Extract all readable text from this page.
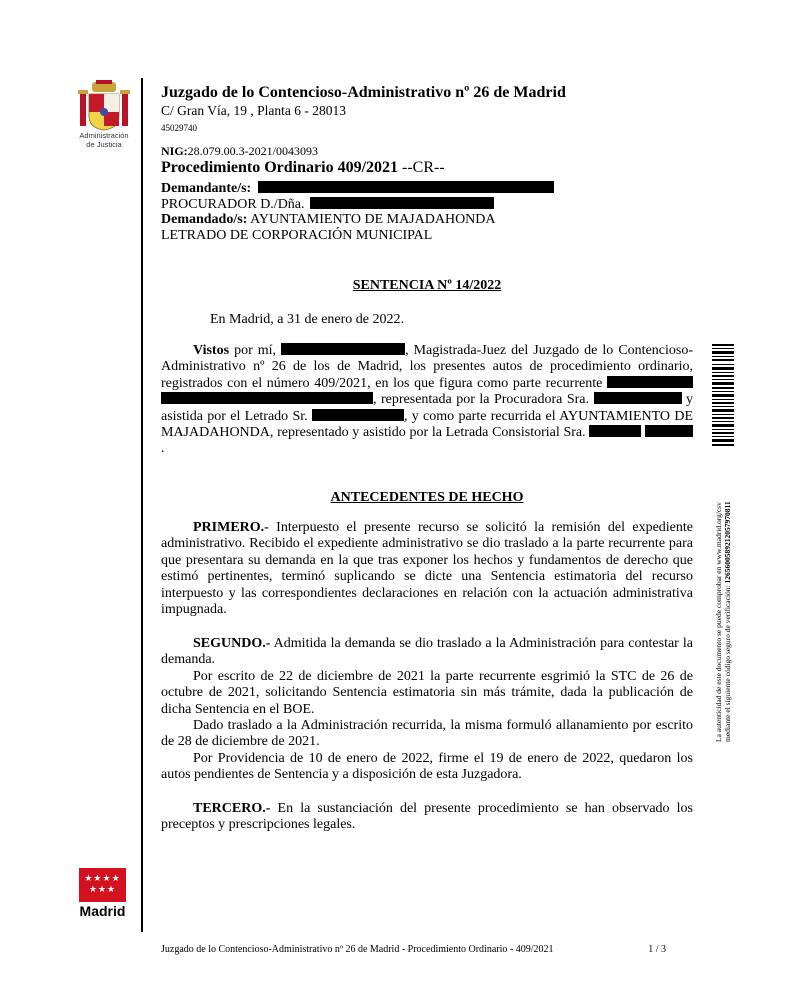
Administración
de Justicia
★★★★
★★★
Madrid
Juzgado de lo Contencioso-Administrativo nº 26 de Madrid
C/ Gran Vía, 19 , Planta 6 - 28013
45029740
NIG:28.079.00.3-2021/0043093
Procedimiento Ordinario 409/2021 --CR--
Demandante/s:
PROCURADOR D./Dña.
Demandado/s: AYUNTAMIENTO DE MAJADAHONDA
LETRADO DE CORPORACIÓN MUNICIPAL
SENTENCIA Nº 14/2022
En Madrid, a 31 de enero de 2022.

Vistos por mí,	, Magistrada-Juez del Juzgado de lo Contencioso-Administrativo nº 26 de los de Madrid, los presentes autos de procedimiento ordinario, registrados con el número 409/2021, en los que figura como parte recurrente  , representada por la Procuradora Sra.	y asistida por el Letrado Sr.	, y como parte recurrida el AYUNTAMIENTO DE MAJADAHONDA, representado y asistido por la Letrada Consistorial Sra.  .

ANTECEDENTES DE HECHO

PRIMERO.- Interpuesto el presente recurso se solicitó la remisión del expediente administrativo. Recibido el expediente administrativo se dio traslado a la parte recurrente para que presentara su demanda en la que tras exponer los hechos y fundamentos de derecho que estimó pertinentes, terminó suplicando se dicte una Sentencia estimatoria del recurso interpuesto y las correspondientes declaraciones en relación con la actuación administrativa impugnada.

SEGUNDO.- Admitida la demanda se dio traslado a la Administración para contestar la demanda.

Por escrito de 22 de diciembre de 2021 la parte recurrente esgrimió la STC de 26 de octubre de 2021, solicitando Sentencia estimatoria sin más trámite, dada la publicación de dicha Sentencia en el BOE.

Dado traslado a la Administración recurrida, la misma formuló allanamiento por escrito de 28 de diciembre de 2021.

Por Providencia de 10 de enero de 2022, firme el 19 de enero de 2022, quedaron los autos pendientes de Sentencia y a disposición de esta Juzgadora.

TERCERO.- En la sustanciación del presente procedimiento se han observado los preceptos y prescripciones legales.

La autenticidad de este documento se puede comprobar en www.madrid.org/csv mediante el siguiente código seguro de verificación: 1265600589212057970811
Juzgado de lo Contencioso-Administrativo nº 26 de Madrid - Procedimiento Ordinario - 409/2021	1 / 3
